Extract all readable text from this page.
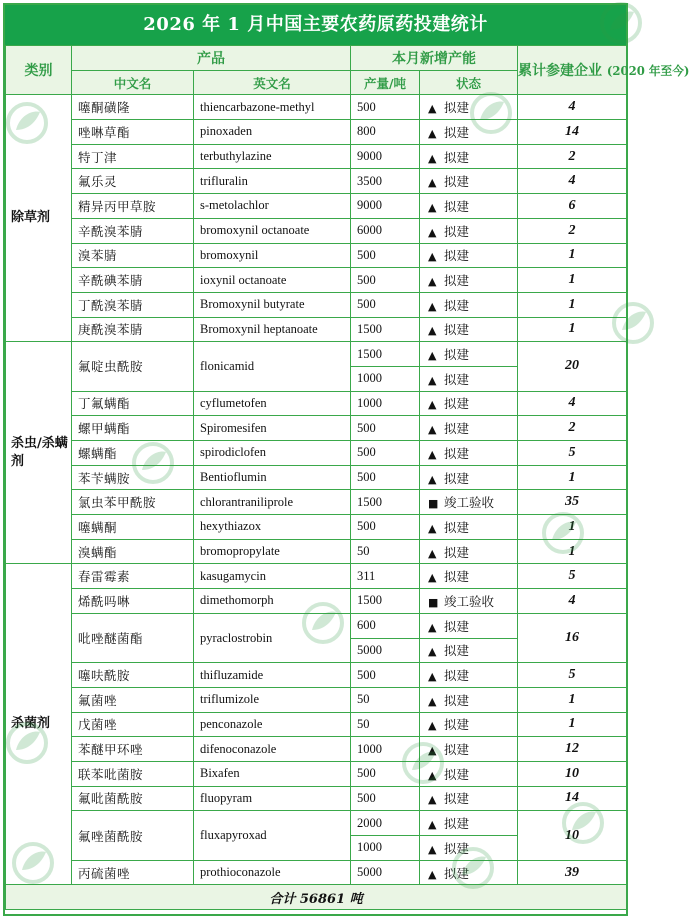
2026 年 1 月中国主要农药原药投建统计
类别	产品		本月新增产能		累计参建企业 (2020 年至今)
	中文名	英文名	产量/吨	状态	
除草剂	噻酮磺隆	thiencarbazone-methyl	500	▲ 拟建	4
	唑啉草酯	pinoxaden	800	▲ 拟建	14
	特丁津	terbuthylazine	9000	▲ 拟建	2
	氟乐灵	trifluralin	3500	▲ 拟建	4
	精异丙甲草胺	s-metolachlor	9000	▲ 拟建	6
	辛酰溴苯腈	bromoxynil octanoate	6000	▲ 拟建	2
	溴苯腈	bromoxynil	500	▲ 拟建	1
	辛酰碘苯腈	ioxynil octanoate	500	▲ 拟建	1
	丁酰溴苯腈	Bromoxynil butyrate	500	▲ 拟建	1
	庚酰溴苯腈	Bromoxynil heptanoate	1500	▲ 拟建	1
杀虫/杀螨剂	氟啶虫酰胺	flonicamid	1500	▲ 拟建	20
			1000	▲ 拟建	
	丁氟螨酯	cyflumetofen	1000	▲ 拟建	4
	螺甲螨酯	Spiromesifen	500	▲ 拟建	2
	螺螨酯	spirodiclofen	500	▲ 拟建	5
	苯苄螨胺	Bentioflumin	500	▲ 拟建	1
	氯虫苯甲酰胺	chlorantraniliprole	1500	■ 竣工验收	35
	噻螨酮	hexythiazox	500	▲ 拟建	1
	溴螨酯	bromopropylate	50	▲ 拟建	1
杀菌剂	春雷霉素	kasugamycin	311	▲ 拟建	5
	烯酰吗啉	dimethomorph	1500	■ 竣工验收	4
	吡唑醚菌酯	pyraclostrobin	600	▲ 拟建	16
			5000	▲ 拟建	
	噻呋酰胺	thifluzamide	500	▲ 拟建	5
	氟菌唑	triflumizole	50	▲ 拟建	1
	戊菌唑	penconazole	50	▲ 拟建	1
	苯醚甲环唑	difenoconazole	1000	▲ 拟建	12
	联苯吡菌胺	Bixafen	500	▲ 拟建	10
	氟吡菌酰胺	fluopyram	500	▲ 拟建	14
	氟唑菌酰胺	fluxapyroxad	2000	▲ 拟建	10
			1000	▲ 拟建	
	丙硫菌唑	prothioconazole	5000	▲ 拟建	39
合计 56861 吨					
